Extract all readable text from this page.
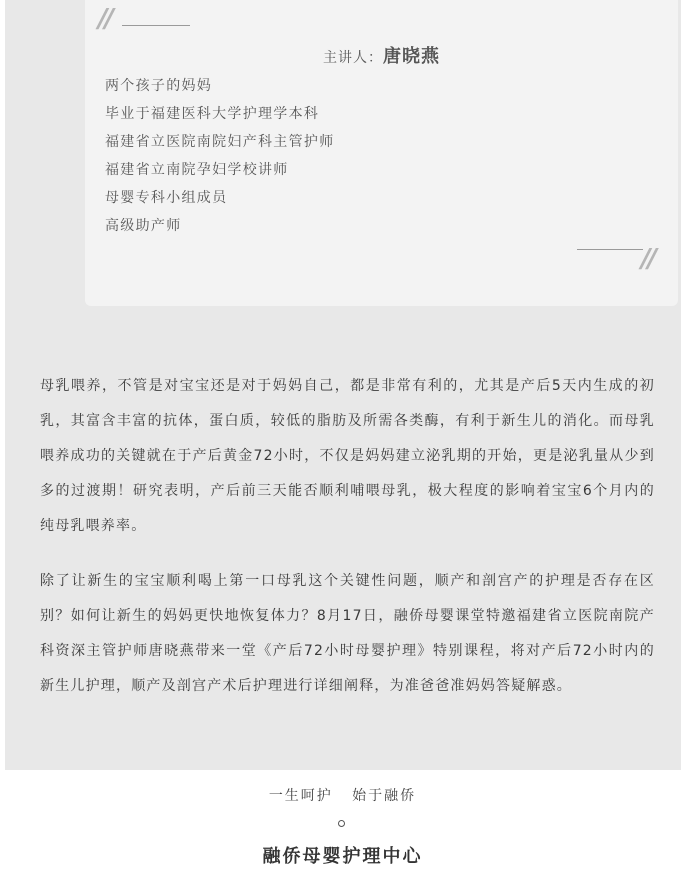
//
主讲人：唐晓燕
两个孩子的妈妈
毕业于福建医科大学护理学本科
福建省立医院南院妇产科主管护师
福建省立南院孕妇学校讲师
母婴专科小组成员
高级助产师
//

母乳喂养，不管是对宝宝还是对于妈妈自己，都是非常有利的，尤其是产后5天内生成的初乳，其富含丰富的抗体，蛋白质，较低的脂肪及所需各类酶，有利于新生儿的消化。而母乳喂养成功的关键就在于产后黄金72小时，不仅是妈妈建立泌乳期的开始，更是泌乳量从少到多的过渡期！研究表明，产后前三天能否顺利哺喂母乳，极大程度的影响着宝宝6个月内的纯母乳喂养率。

除了让新生的宝宝顺利喝上第一口母乳这个关键性问题，顺产和剖宫产的护理是否存在区别？如何让新生的妈妈更快地恢复体力？8月17日，融侨母婴课堂特邀福建省立医院南院产科资深主管护师唐晓燕带来一堂《产后72小时母婴护理》特别课程，将对产后72小时内的新生儿护理，顺产及剖宫产术后护理进行详细阐释，为准爸爸准妈妈答疑解惑。

一生呵护   始于融侨
融侨母婴护理中心
